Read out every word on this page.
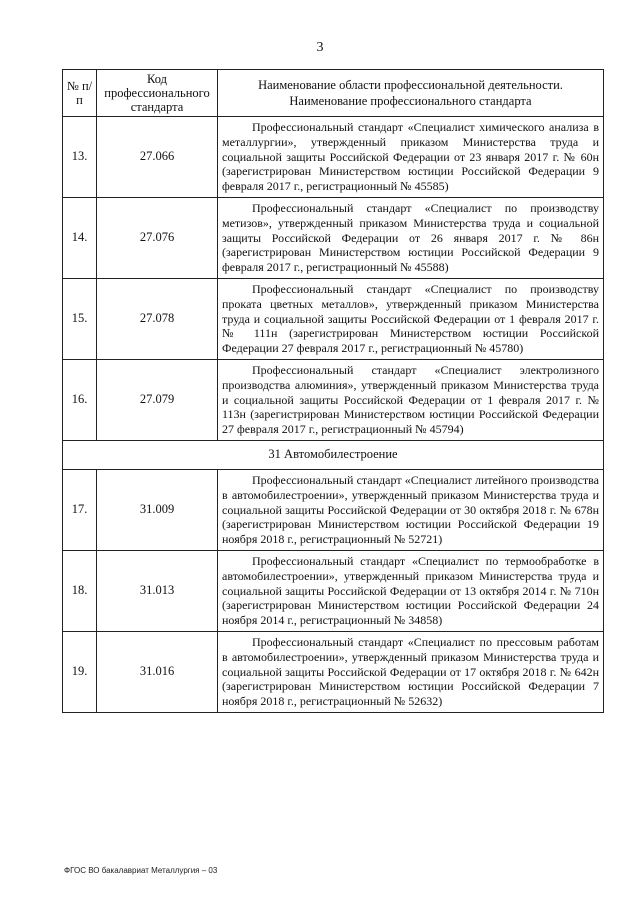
3
№ п/п	Код профессионального стандарта	Наименование области профессиональной деятельности.
Наименование профессионального стандарта

13.	27.066	Профессиональный стандарт «Специалист химического анализа в металлургии», утвержденный приказом Министерства труда и социальной защиты Российской Федерации от 23 января 2017 г. № 60н (зарегистрирован Министерством юстиции Российской Федерации 9 февраля 2017 г., регистрационный № 45585)
14.	27.076	Профессиональный стандарт «Специалист по производству метизов», утвержденный приказом Министерства труда и социальной защиты Российской Федерации от 26 января 2017 г. № 86н (зарегистрирован Министерством юстиции Российской Федерации 9 февраля 2017 г., регистрационный № 45588)
15.	27.078	Профессиональный стандарт «Специалист по производству проката цветных металлов», утвержденный приказом Министерства труда и социальной защиты Российской Федерации от 1 февраля 2017 г. № 111н (зарегистрирован Министерством юстиции Российской Федерации 27 февраля 2017 г., регистрационный № 45780)
16.	27.079	Профессиональный стандарт «Специалист электролизного производства алюминия», утвержденный приказом Министерства труда и социальной защиты Российской Федерации от 1 февраля 2017 г. № 113н (зарегистрирован Министерством юстиции Российской Федерации 27 февраля 2017 г., регистрационный № 45794)
31 Автомобилестроение		
17.	31.009	Профессиональный стандарт «Специалист литейного производства в автомобилестроении», утвержденный приказом Министерства труда и социальной защиты Российской Федерации от 30 октября 2018 г. № 678н (зарегистрирован Министерством юстиции Российской Федерации 19 ноября 2018 г., регистрационный № 52721)
18.	31.013	Профессиональный стандарт «Специалист по термообработке в автомобилестроении», утвержденный приказом Министерства труда и социальной защиты Российской Федерации от 13 октября 2014 г. № 710н (зарегистрирован Министерством юстиции Российской Федерации 24 ноября 2014 г., регистрационный № 34858)
19.	31.016	Профессиональный стандарт «Специалист по прессовым работам в автомобилестроении», утвержденный приказом Министерства труда и социальной защиты Российской Федерации от 17 октября 2018 г. № 642н (зарегистрирован Министерством юстиции Российской Федерации 7 ноября 2018 г., регистрационный № 52632)
ФГОС ВО бакалавриат Металлургия – 03
